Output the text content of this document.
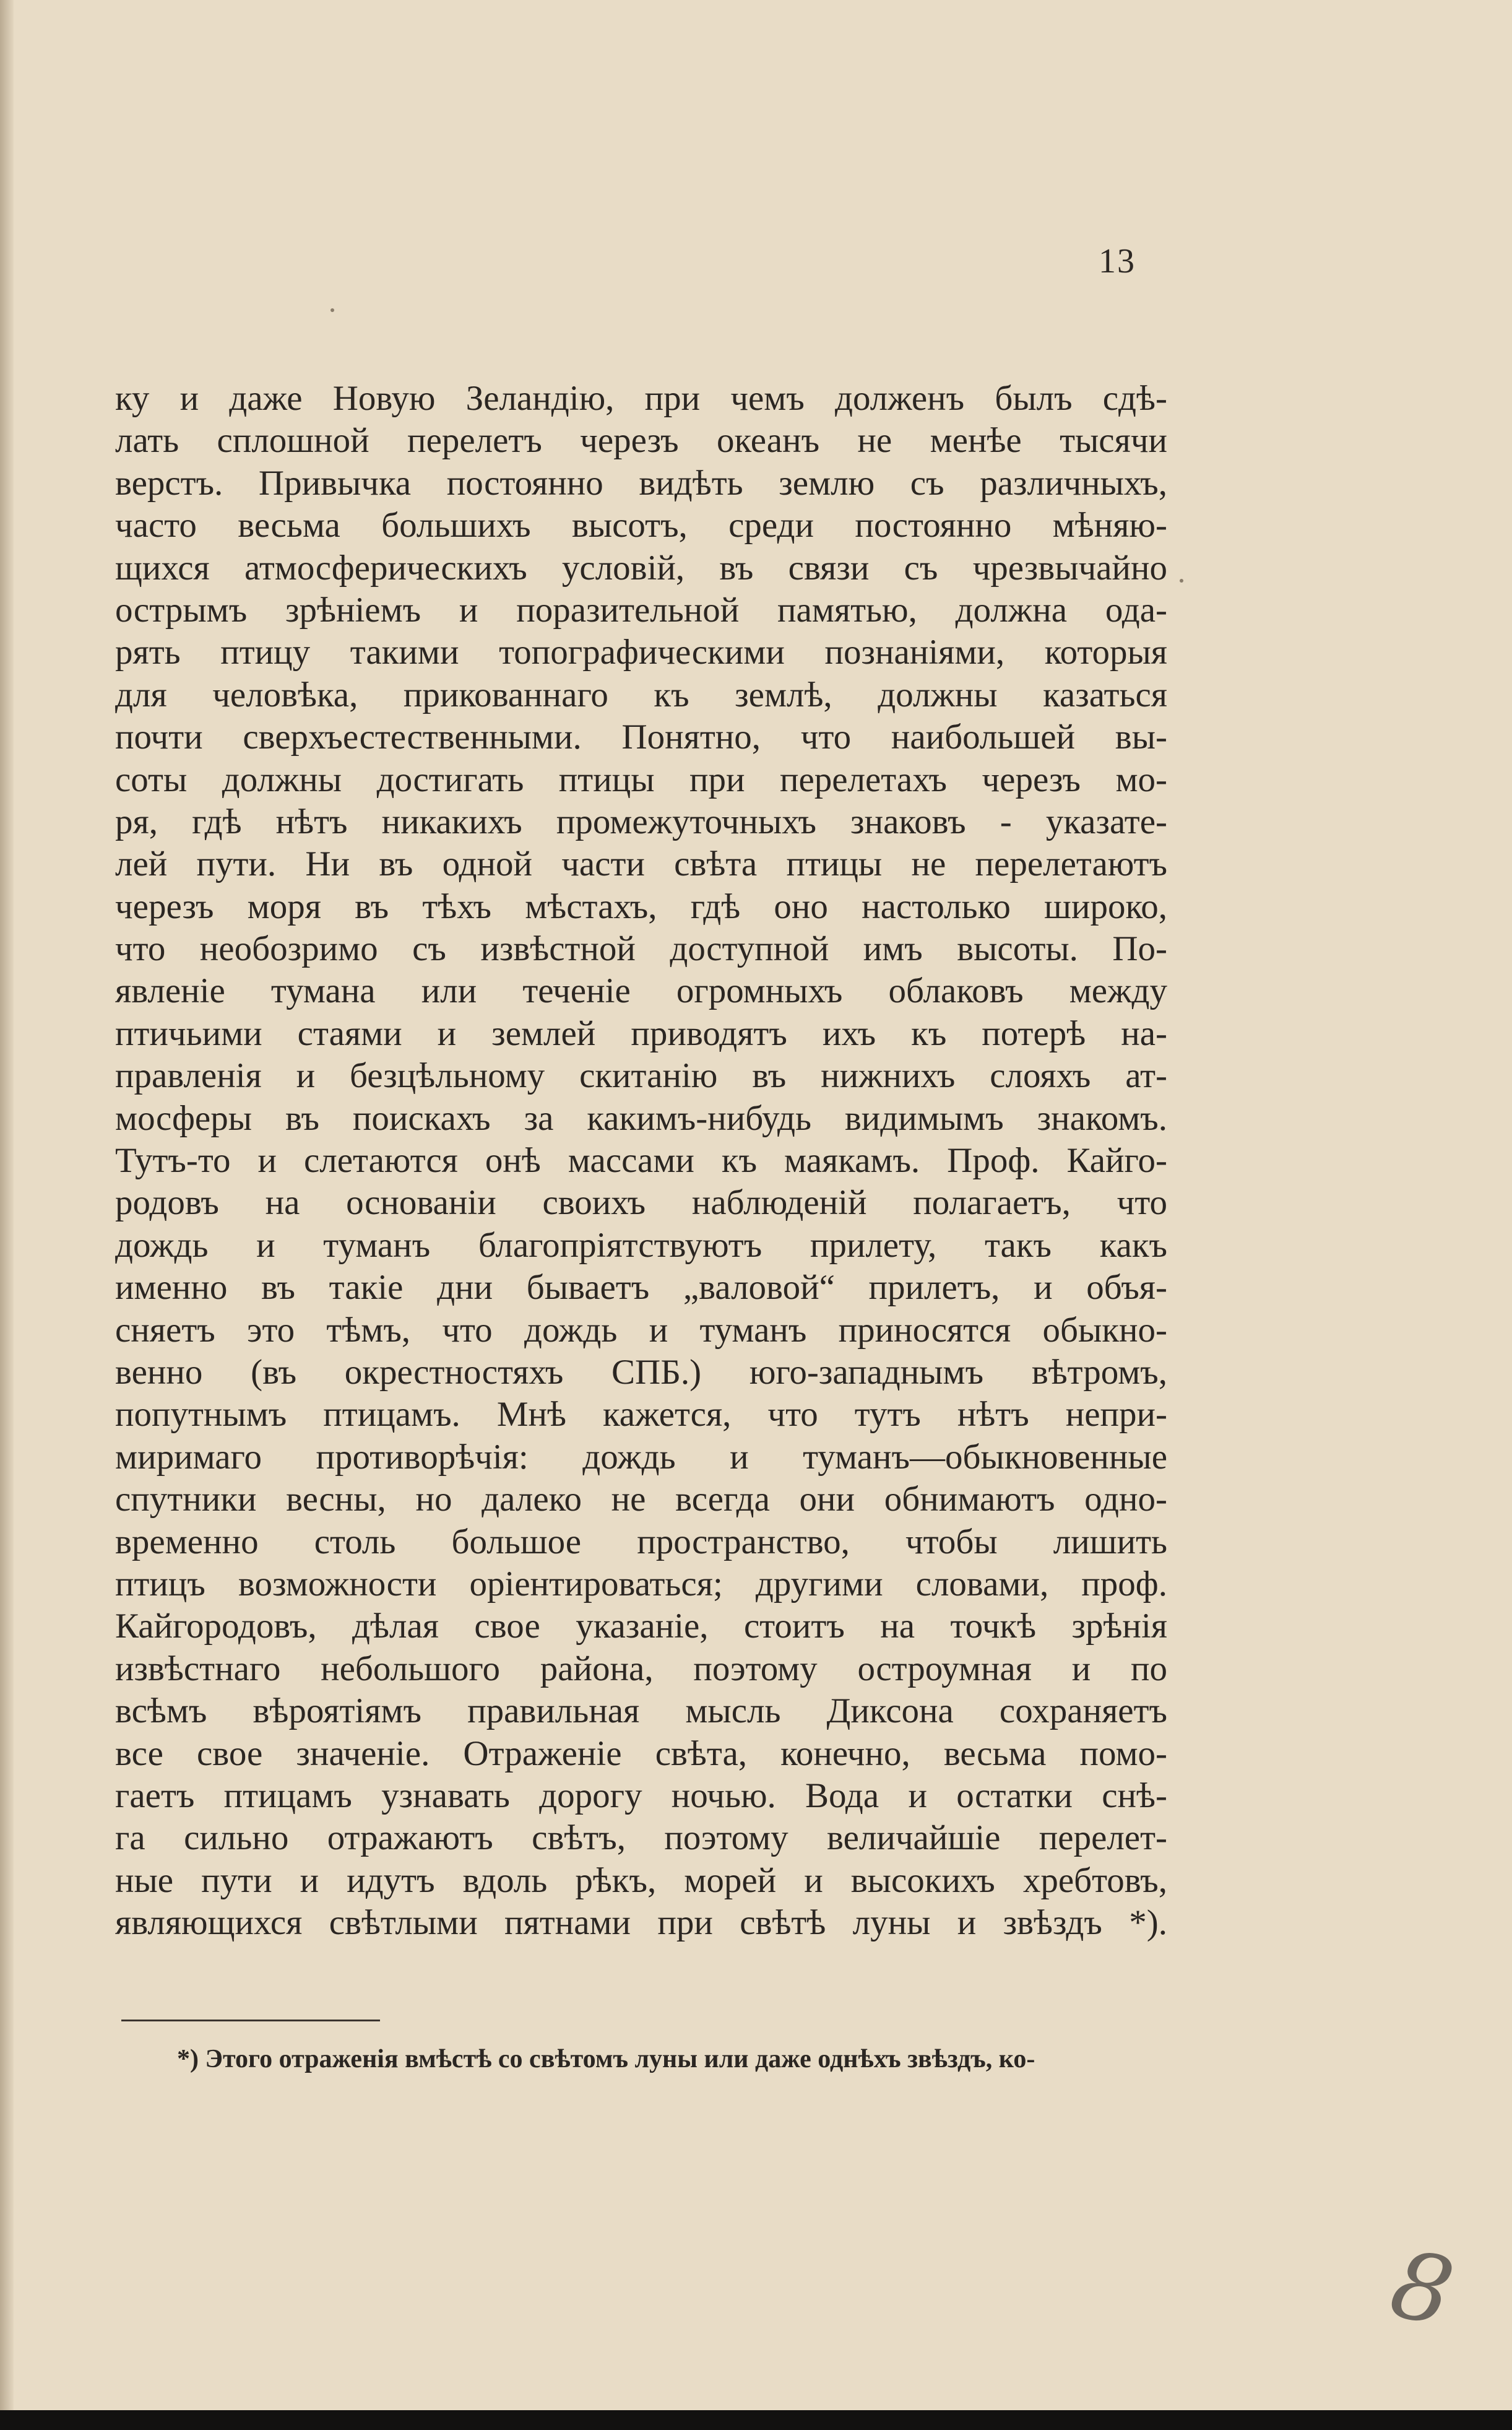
13
ку и даже Новую Зеландію, при чемъ долженъ былъ сдѣ-
лать сплошной перелетъ черезъ океанъ не менѣе тысячи
верстъ. Привычка постоянно видѣть землю съ различныхъ,
часто весьма большихъ высотъ, среди постоянно мѣняю-
щихся атмосферическихъ условій, въ связи съ чрезвычайно
острымъ зрѣніемъ и поразительной памятью, должна ода-
рять птицу такими топографическими познаніями, которыя
для человѣка, прикованнаго къ землѣ, должны казаться
почти сверхъестественными. Понятно, что наибольшей вы-
соты должны достигать птицы при перелетахъ черезъ мо-
ря, гдѣ нѣтъ никакихъ промежуточныхъ знаковъ - указате-
лей пути. Ни въ одной части свѣта птицы не перелетаютъ
черезъ моря въ тѣхъ мѣстахъ, гдѣ оно настолько широко,
что необозримо съ извѣстной доступной имъ высоты. По-
явленіе тумана или теченіе огромныхъ облаковъ между
птичьими стаями и землей приводятъ ихъ къ потерѣ на-
правленія и безцѣльному скитанію въ нижнихъ слояхъ ат-
мосферы въ поискахъ за какимъ-нибудь видимымъ знакомъ.
Тутъ-то и слетаются онѣ массами къ маякамъ. Проф. Кайго-
родовъ на основаніи своихъ наблюденій полагаетъ, что
дождь и туманъ благопріятствуютъ прилету, такъ какъ
именно въ такіе дни бываетъ „валовой“ прилетъ, и объя-
сняетъ это тѣмъ, что дождь и туманъ приносятся обыкно-
венно (въ окрестностяхъ СПБ.) юго-западнымъ вѣтромъ,
попутнымъ птицамъ. Мнѣ кажется, что тутъ нѣтъ непри-
миримаго противорѣчія: дождь и туманъ—обыкновенные
спутники весны, но далеко не всегда они обнимаютъ одно-
временно столь большое пространство, чтобы лишить
птицъ возможности оріентироваться; другими словами, проф.
Кайгородовъ, дѣлая свое указаніе, стоитъ на точкѣ зрѣнія
извѣстнаго небольшого района, поэтому остроумная и по
всѣмъ вѣроятіямъ правильная мысль Диксона сохраняетъ
все свое значеніе. Отраженіе свѣта, конечно, весьма помо-
гаетъ птицамъ узнавать дорогу ночью. Вода и остатки снѣ-
га сильно отражаютъ свѣтъ, поэтому величайшіе перелет-
ные пути и идутъ вдоль рѣкъ, морей и высокихъ хребтовъ,
являющихся свѣтлыми пятнами при свѣтѣ луны и звѣздъ *).
*) Этого отраженія вмѣстѣ со свѣтомъ луны или даже однѣхъ звѣздъ, ко-
8
